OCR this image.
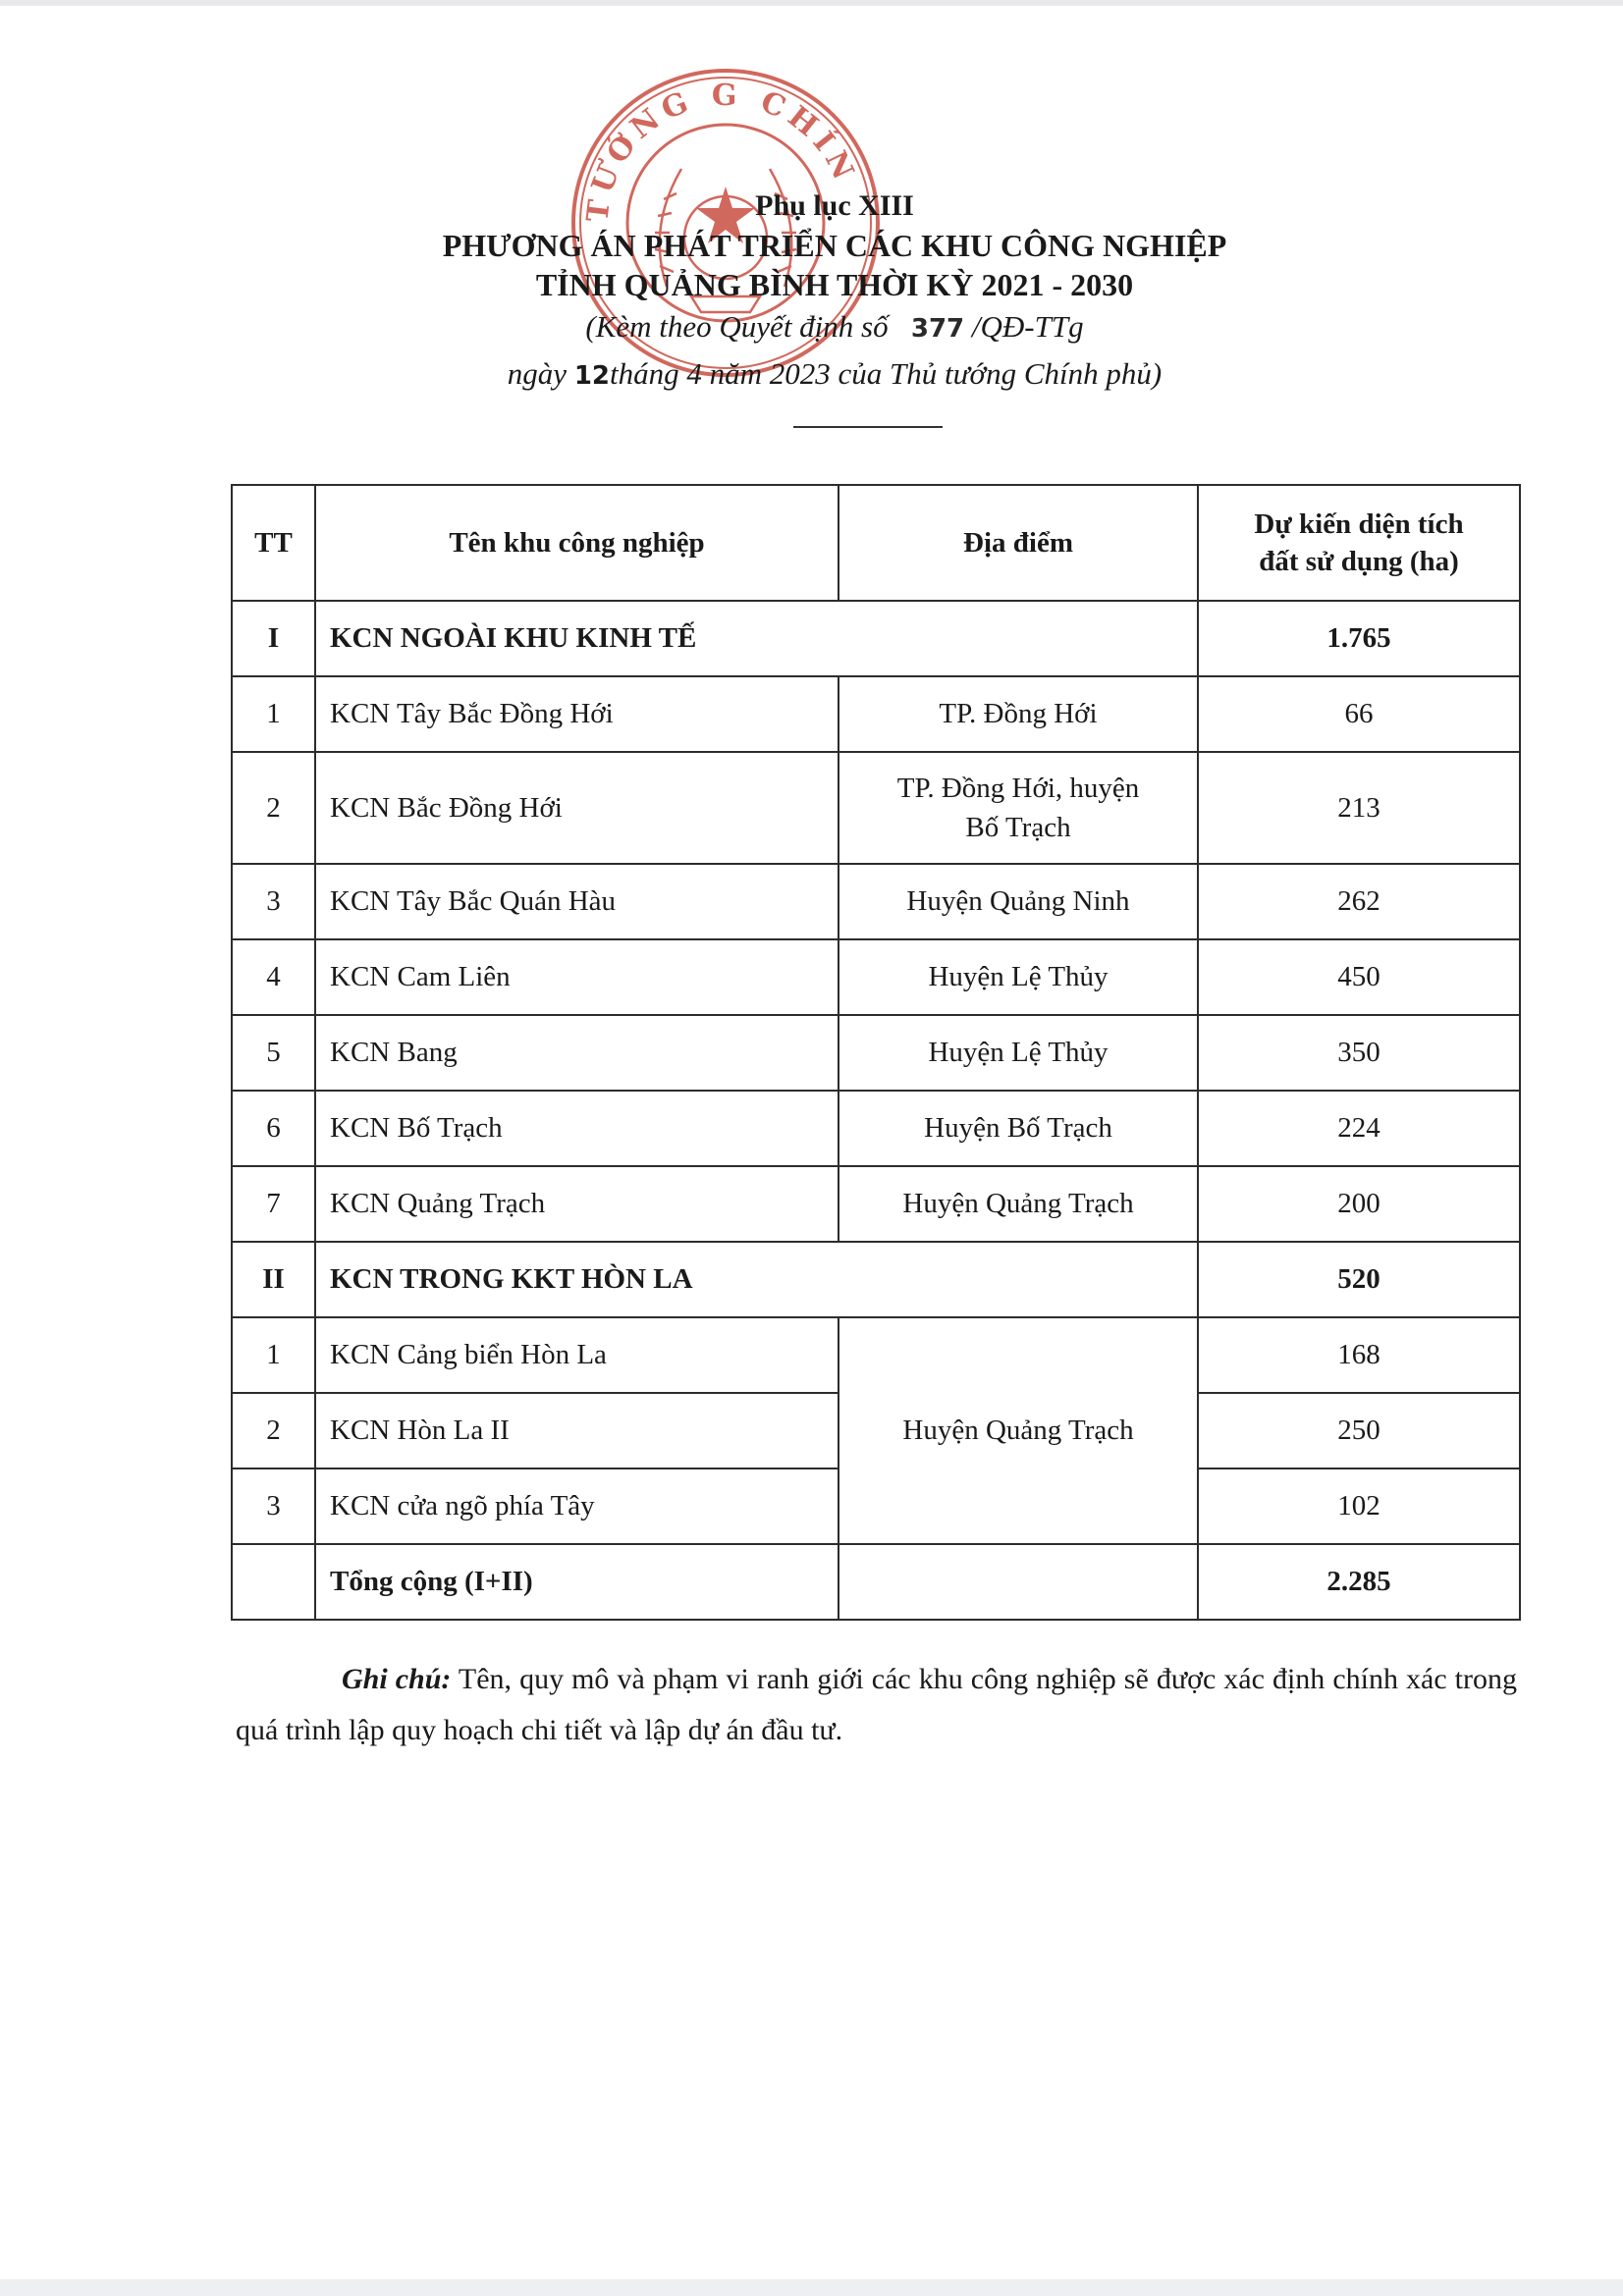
TƯỚNG G CHÍN
Phụ lục XIII
PHƯƠNG ÁN PHÁT TRIỂN CÁC KHU CÔNG NGHIỆP
TỈNH QUẢNG BÌNH THỜI KỲ 2021 - 2030
(Kèm theo Quyết định số 377 /QĐ-TTg
ngày 12tháng 4 năm 2023 của Thủ tướng Chính phủ)
TT	Tên khu công nghiệp	Địa điểm	Dự kiến diện tích
đất sử dụng (ha)

I	KCN NGOÀI KHU KINH TẾ		1.765
1	KCN Tây Bắc Đồng Hới	TP. Đồng Hới	66
2	KCN Bắc Đồng Hới	TP. Đồng Hới, huyện
Bố Trạch	213
3	KCN Tây Bắc Quán Hàu	Huyện Quảng Ninh	262
4	KCN Cam Liên	Huyện Lệ Thủy	450
5	KCN Bang	Huyện Lệ Thủy	350
6	KCN Bố Trạch	Huyện Bố Trạch	224
7	KCN Quảng Trạch	Huyện Quảng Trạch	200
II	KCN TRONG KKT HÒN LA		520
1	KCN Cảng biển Hòn La	Huyện Quảng Trạch	168
2	KCN Hòn La II		250
3	KCN cửa ngõ phía Tây		102
	Tổng cộng (I+II)		2.285
Ghi chú: Tên, quy mô và phạm vi ranh giới các khu công nghiệp sẽ được xác định chính xác trong quá trình lập quy hoạch chi tiết và lập dự án đầu tư.
